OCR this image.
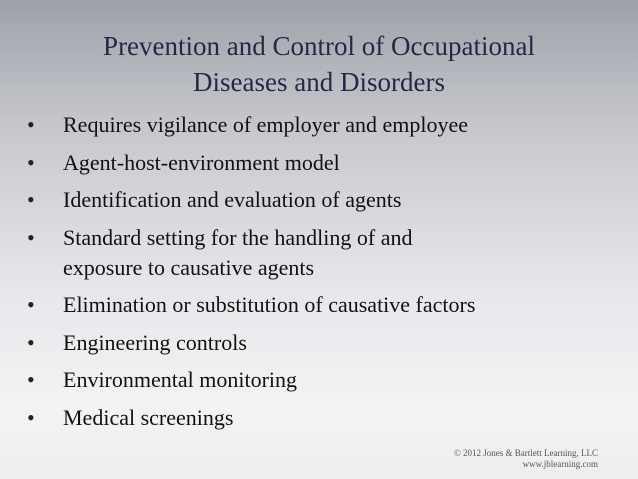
Prevention and Control of Occupational
Diseases and Disorders
• Requires vigilance of employer and employee
• Agent-host-environment model
• Identification and evaluation of agents
• Standard setting for the handling of and
exposure to causative agents
• Elimination or substitution of causative factors
• Engineering controls
• Environmental monitoring
• Medical screenings
© 2012 Jones & Bartlett Learning, LLC
www.jblearning.com
